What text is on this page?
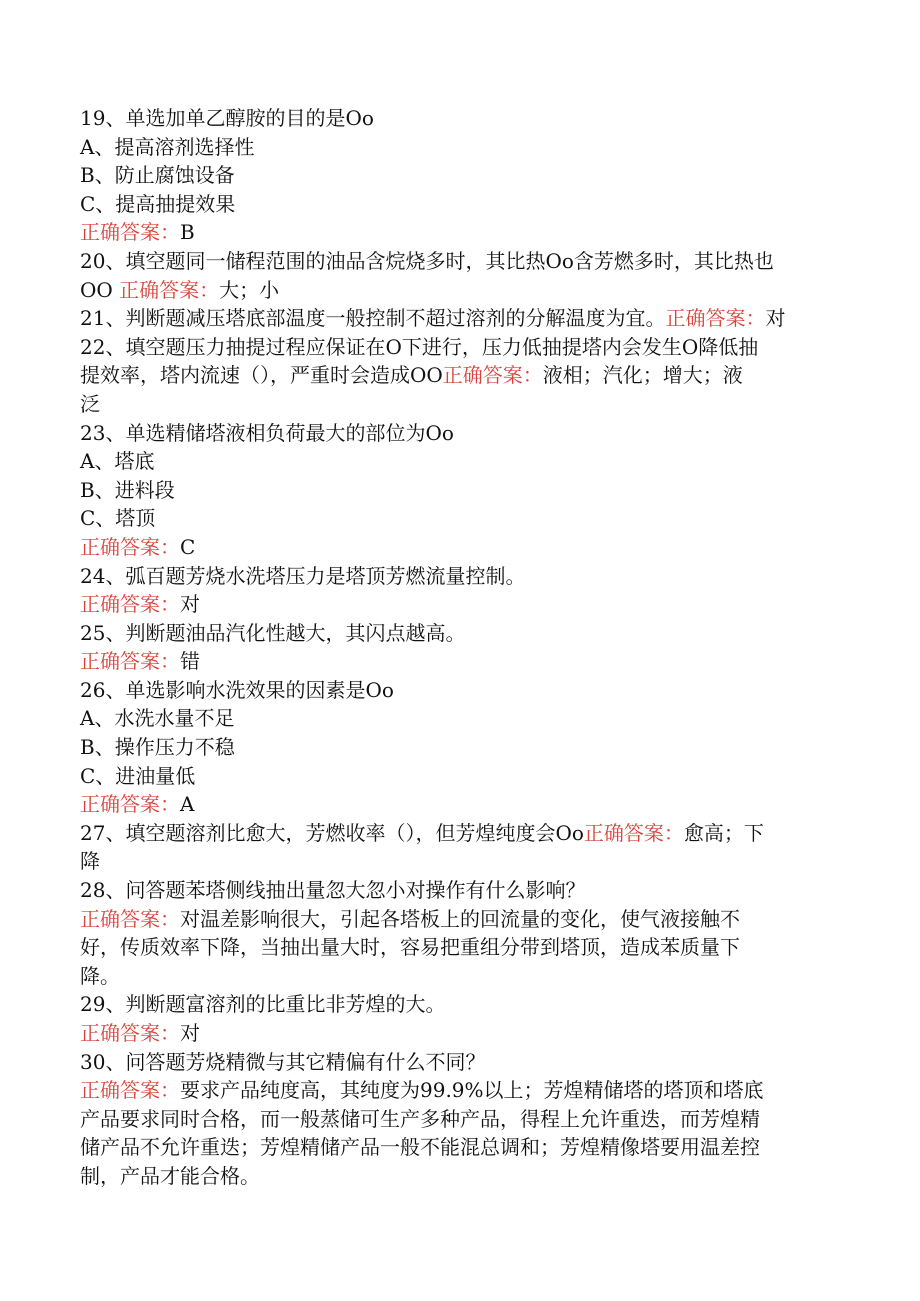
19、单选加单乙醇胺的目的是Oo
A、提高溶剂选择性
B、防止腐蚀设备
C、提高抽提效果
正确答案：B
20、填空题同一储程范围的油品含烷烧多时，其比热Oo含芳燃多时，其比热也
OO 正确答案：大；小
21、判断题减压塔底部温度一般控制不超过溶剂的分解温度为宜。正确答案：对
22、填空题压力抽提过程应保证在O下进行，压力低抽提塔内会发生O降低抽
提效率，塔内流速（），严重时会造成OO正确答案：液相；汽化；增大；液
泛
23、单选精储塔液相负荷最大的部位为Oo
A、塔底
B、进料段
C、塔顶
正确答案：C
24、弧百题芳烧水洗塔压力是塔顶芳燃流量控制。
正确答案：对
25、判断题油品汽化性越大，其闪点越高。
正确答案：错
26、单选影响水洗效果的因素是Oo
A、水洗水量不足
B、操作压力不稳
C、进油量低
正确答案：A
27、填空题溶剂比愈大，芳燃收率（），但芳煌纯度会Oo正确答案：愈高；下
降
28、问答题苯塔侧线抽出量忽大忽小对操作有什么影响？
正确答案：对温差影响很大，引起各塔板上的回流量的变化，使气液接触不
好，传质效率下降，当抽出量大时，容易把重组分带到塔顶，造成苯质量下
降。
29、判断题富溶剂的比重比非芳煌的大。
正确答案：对
30、问答题芳烧精微与其它精偏有什么不同？
正确答案：要求产品纯度高，其纯度为99.9%以上；芳煌精储塔的塔顶和塔底
产品要求同时合格，而一般蒸储可生产多种产品，得程上允许重迭，而芳煌精
储产品不允许重迭；芳煌精储产品一般不能混总调和；芳煌精像塔要用温差控
制，产品才能合格。
